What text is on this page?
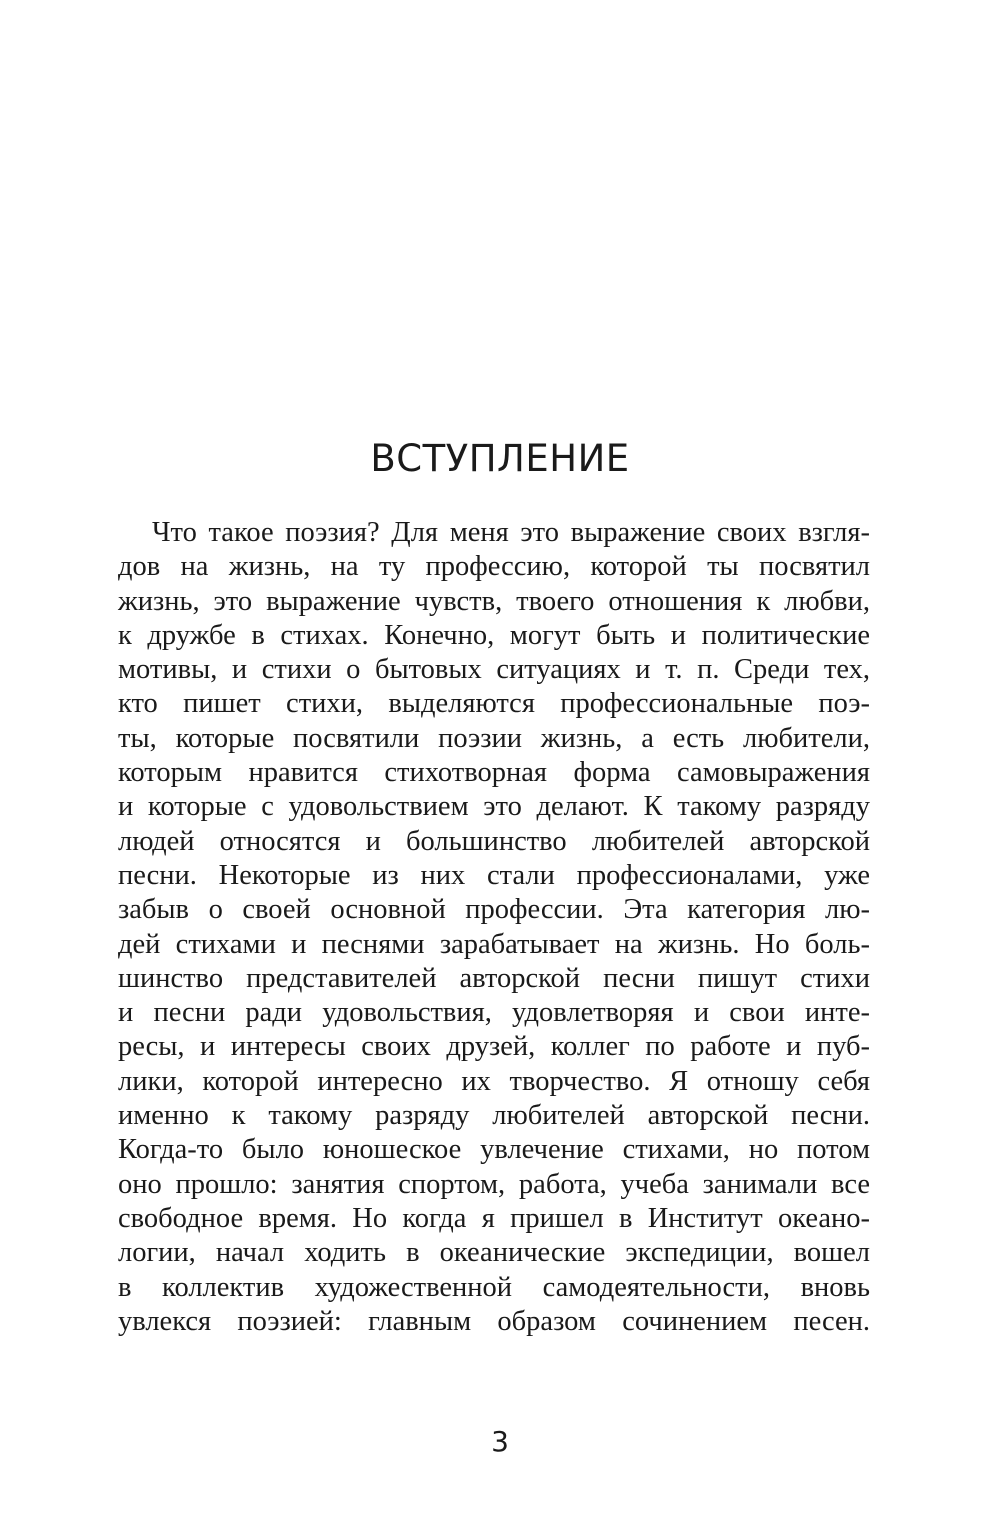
ВСТУПЛЕНИЕ
Что такое поэзия? Для меня это выражение своих взгля-
дов на жизнь, на ту профессию, которой ты посвятил
жизнь, это выражение чувств, твоего отношения к любви,
к дружбе в стихах. Конечно, могут быть и политические
мотивы, и стихи о бытовых ситуациях и т. п. Среди тех,
кто пишет стихи, выделяются профессиональные поэ-
ты, которые посвятили поэзии жизнь, а есть любители,
которым нравится стихотворная форма самовыражения
и которые с удовольствием это делают. К такому разряду
людей относятся и большинство любителей авторской
песни. Некоторые из них стали профессионалами, уже
забыв о своей основной профессии. Эта категория лю-
дей стихами и песнями зарабатывает на жизнь. Но боль-
шинство представителей авторской песни пишут стихи
и песни ради удовольствия, удовлетворяя и свои инте-
ресы, и интересы своих друзей, коллег по работе и пуб-
лики, которой интересно их творчество. Я отношу себя
именно к такому разряду любителей авторской песни.
Когда-то было юношеское увлечение стихами, но потом
оно прошло: занятия спортом, работа, учеба занимали все
свободное время. Но когда я пришел в Институт океано-
логии, начал ходить в океанические экспедиции, вошел
в коллектив художественной самодеятельности, вновь
увлекся поэзией: главным образом сочинением песен.
3
